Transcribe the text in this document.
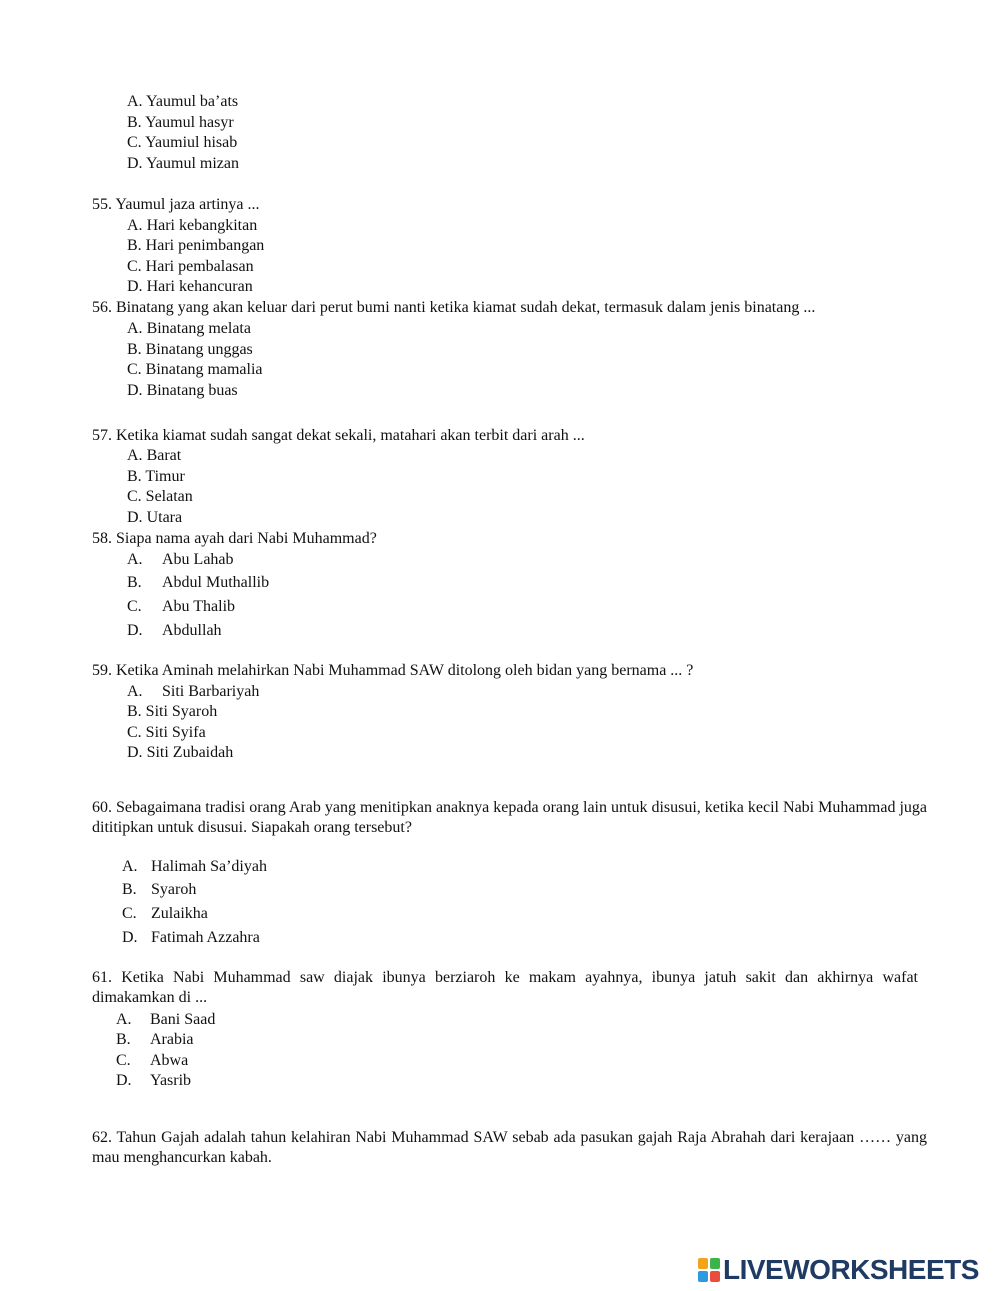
A. Yaumul ba’ats
B. Yaumul hasyr
C. Yaumiul hisab
D. Yaumul mizan
55. Yaumul jaza artinya ...
A. Hari kebangkitan
B. Hari penimbangan
C. Hari pembalasan
D. Hari kehancuran
56. Binatang yang akan keluar dari perut bumi nanti ketika kiamat sudah dekat, termasuk dalam jenis binatang ...
A. Binatang melata
B. Binatang unggas
C. Binatang mamalia
D. Binatang buas
57. Ketika kiamat sudah sangat dekat sekali, matahari akan terbit dari arah ...
A. Barat
B. Timur
C. Selatan
D. Utara
58. Siapa nama ayah dari Nabi Muhammad?
A. Abu Lahab
B. Abdul Muthallib
C. Abu Thalib
D. Abdullah
59. Ketika Aminah melahirkan Nabi Muhammad SAW ditolong oleh bidan yang bernama ... ?
A. Siti Barbariyah
B. Siti Syaroh
C. Siti Syifa
D. Siti Zubaidah
60. Sebagaimana tradisi orang Arab yang menitipkan anaknya kepada orang lain untuk disusui, ketika kecil Nabi Muhammad juga dititipkan untuk disusui. Siapakah orang tersebut?
A. Halimah Sa’diyah
B. Syaroh
C. Zulaikha
D. Fatimah Azzahra
61. Ketika Nabi Muhammad saw diajak ibunya berziaroh ke makam ayahnya, ibunya jatuh sakit dan akhirnya wafat dimakamkan di ...
A. Bani Saad
B. Arabia
C. Abwa
D. Yasrib
62. Tahun Gajah adalah tahun kelahiran Nabi Muhammad SAW sebab ada pasukan gajah Raja Abrahah dari kerajaan …… yang mau menghancurkan kabah.
LIVEWORKSHEETS
